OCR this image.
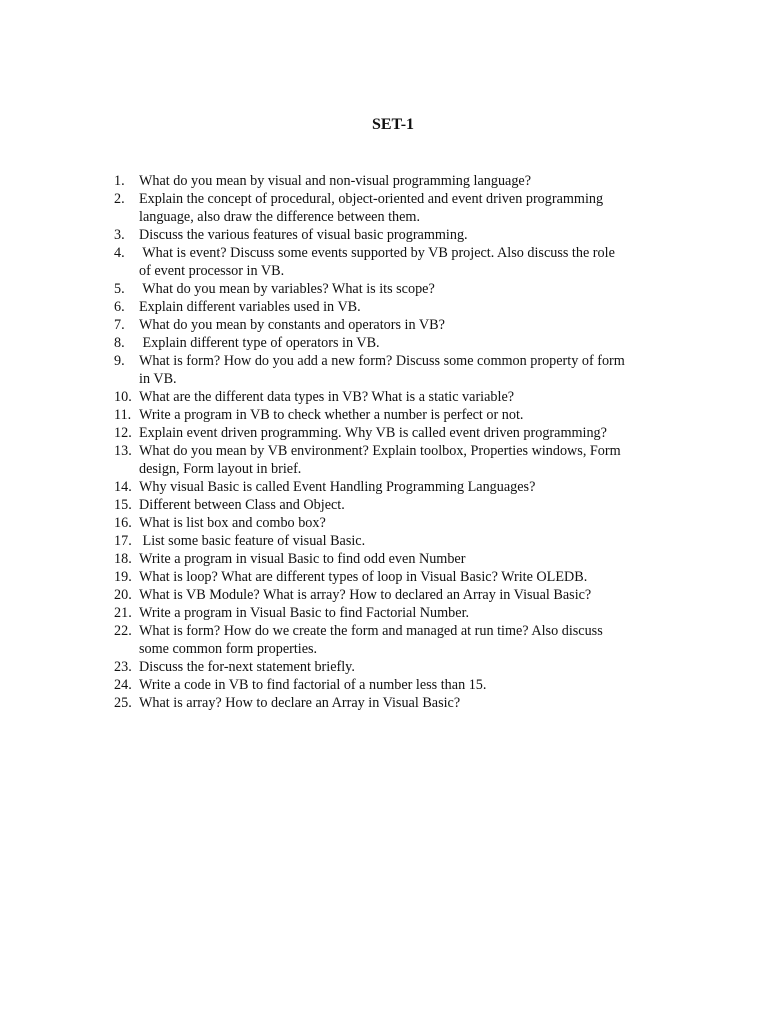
SET-1
1. What do you mean by visual and non-visual programming language?
2. Explain the concept of procedural, object-oriented and event driven programming
language, also draw the difference between them.
3. Discuss the various features of visual basic programming.
4. What is event? Discuss some events supported by VB project. Also discuss the role
of event processor in VB.
5. What do you mean by variables? What is its scope?
6. Explain different variables used in VB.
7. What do you mean by constants and operators in VB?
8. Explain different type of operators in VB.
9. What is form? How do you add a new form? Discuss some common property of form
in VB.
10. What are the different data types in VB? What is a static variable?
11. Write a program in VB to check whether a number is perfect or not.
12. Explain event driven programming. Why VB is called event driven programming?
13. What do you mean by VB environment? Explain toolbox, Properties windows, Form
design, Form layout in brief.
14. Why visual Basic is called Event Handling Programming Languages?
15. Different between Class and Object.
16. What is list box and combo box?
17. List some basic feature of visual Basic.
18. Write a program in visual Basic to find odd even Number
19. What is loop? What are different types of loop in Visual Basic? Write OLEDB.
20. What is VB Module? What is array? How to declared an Array in Visual Basic?
21. Write a program in Visual Basic to find Factorial Number.
22. What is form? How do we create the form and managed at run time? Also discuss
some common form properties.
23. Discuss the for-next statement briefly.
24. Write a code in VB to find factorial of a number less than 15.
25. What is array? How to declare an Array in Visual Basic?
